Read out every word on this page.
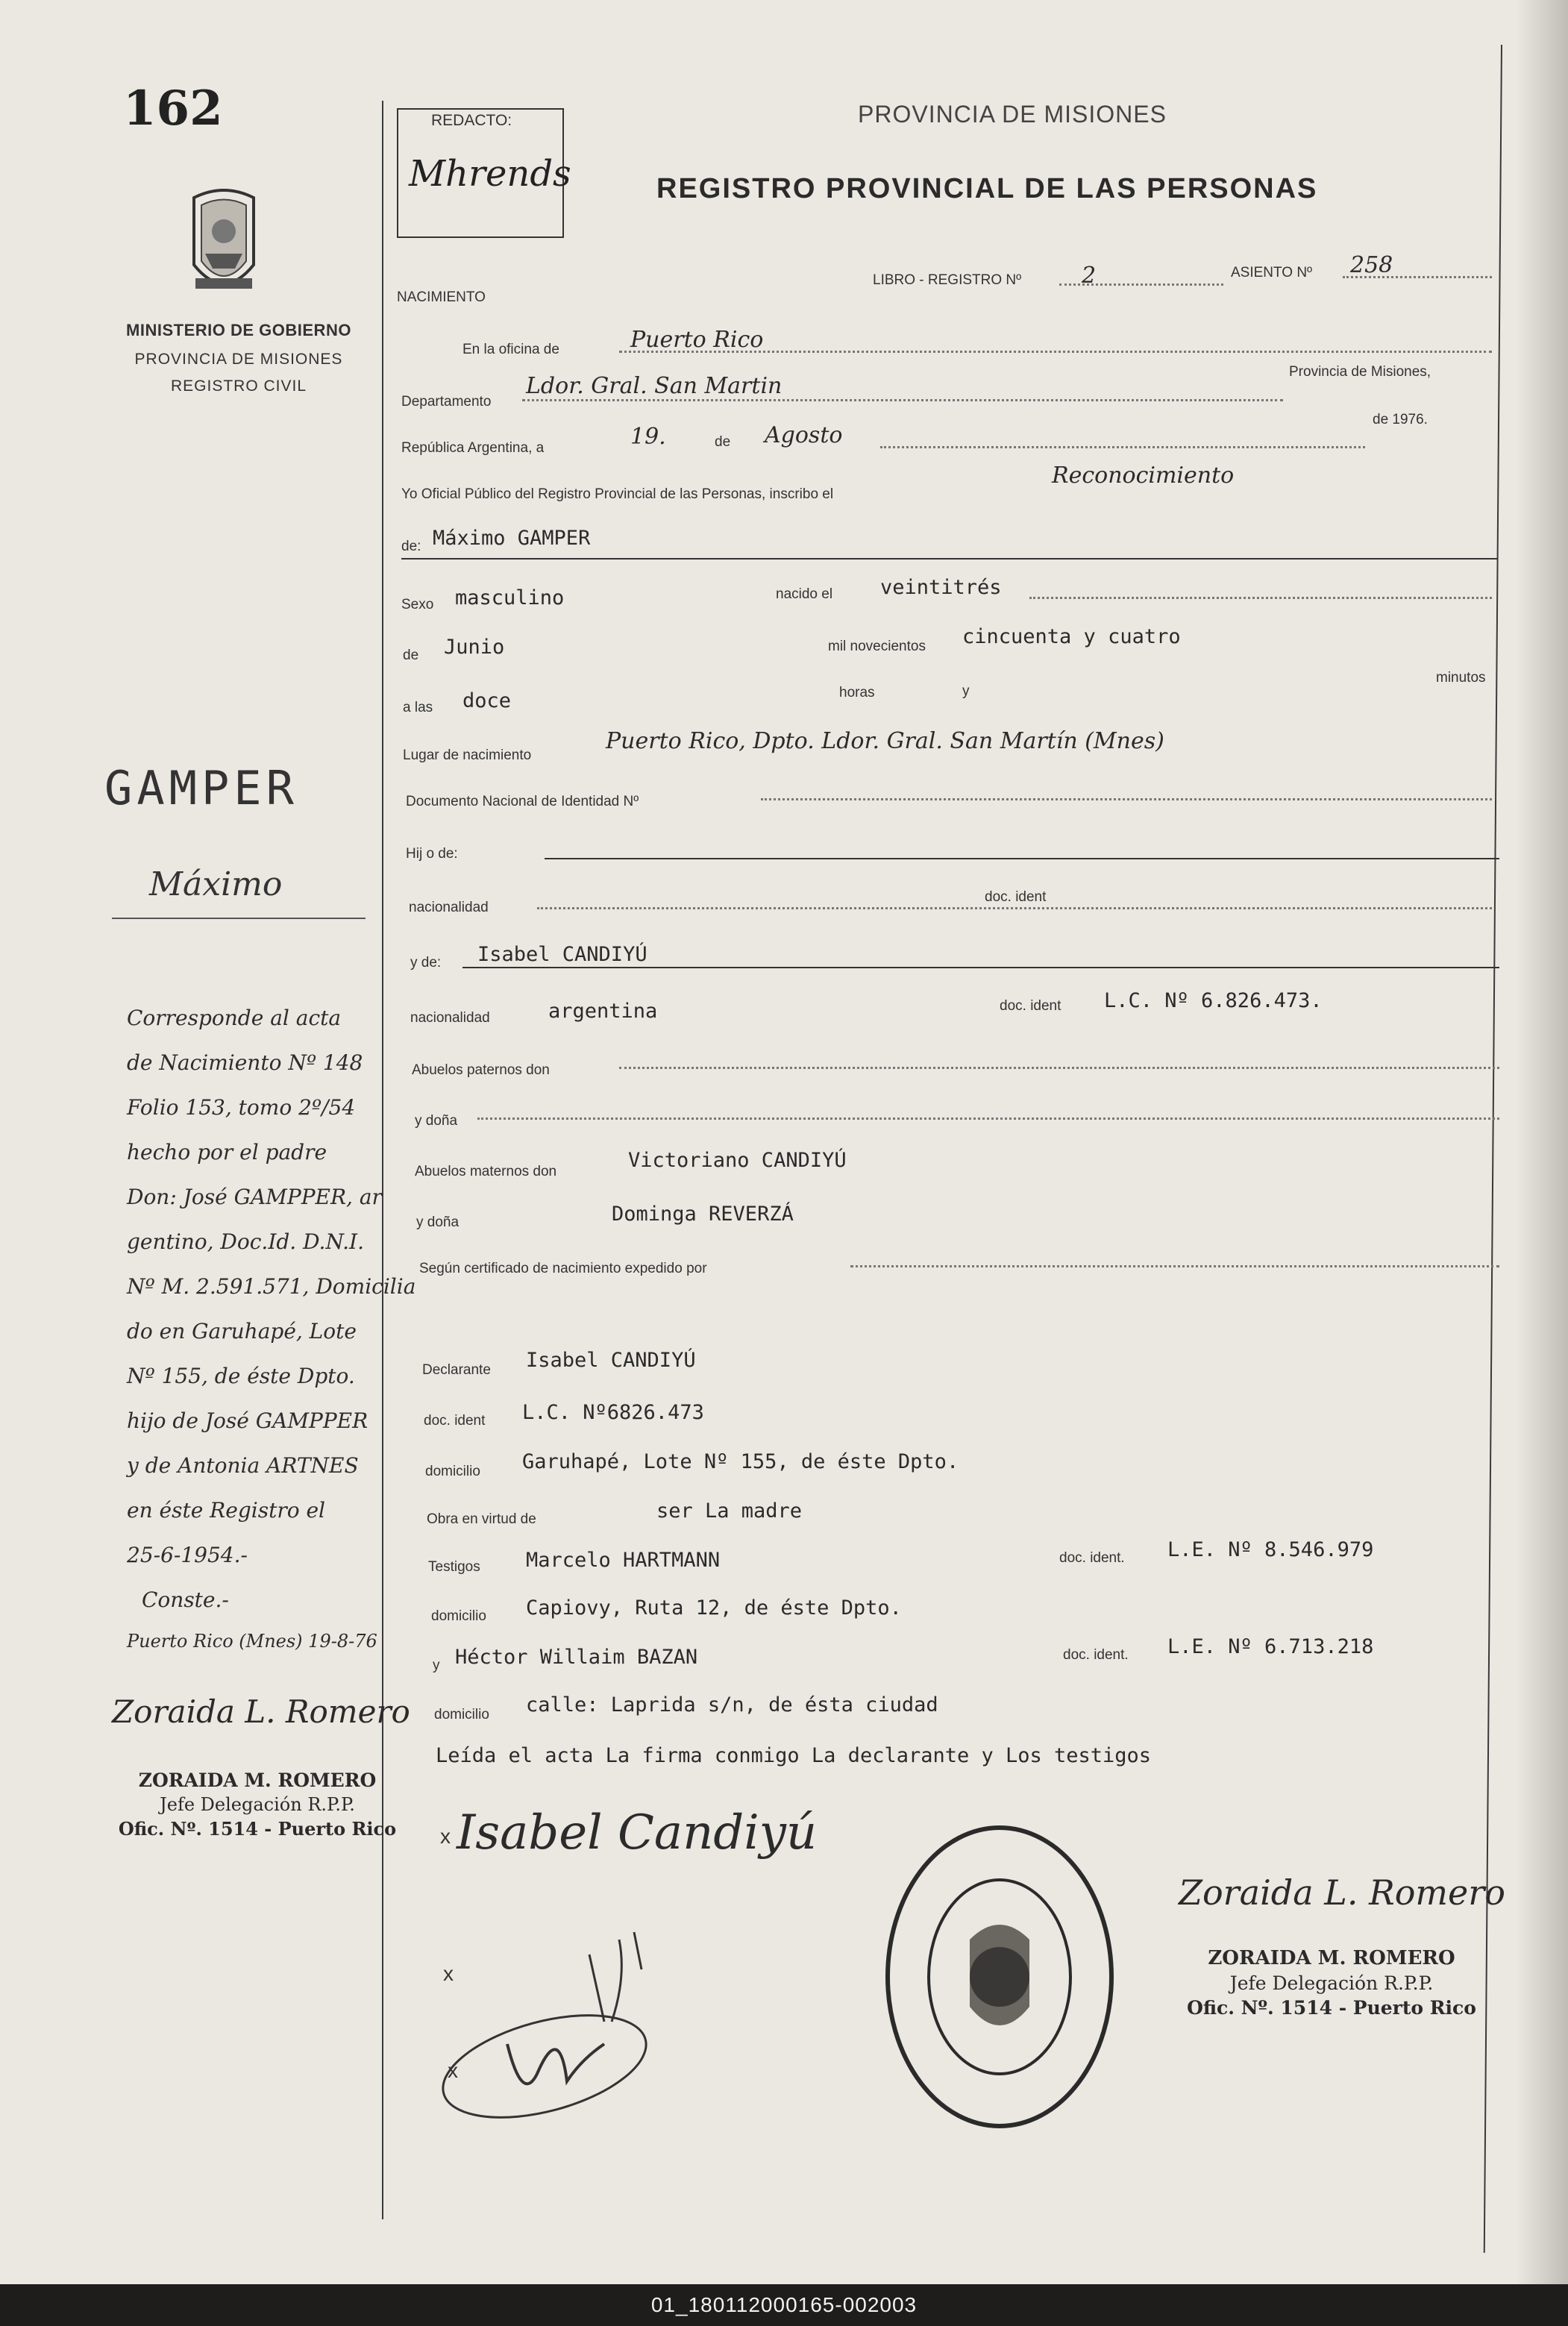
162
MINISTERIO DE GOBIERNO
PROVINCIA DE MISIONES
REGISTRO CIVIL
REDACTO:
Mhrends
PROVINCIA DE MISIONES
REGISTRO PROVINCIAL DE LAS PERSONAS
NACIMIENTO
LIBRO - REGISTRO Nº	2	ASIENTO Nº 258
En la oficina de	Puerto Rico
Departamento
Ldor. Gral. San Martin
Provincia de Misiones,
República Argentina, a	19.	de Agosto
de 1976.
Yo Oficial Público del Registro Provincial de las Personas, inscribo el
Reconocimiento
de: Máximo GAMPER
Sexo masculino	nacido el veintitrés
de Junio	mil novecientos cincuenta y cuatro
a las doce	horas	y
minutos
Lugar de nacimiento
Puerto Rico, Dpto. Ldor. Gral. San Martín (Mnes)
Documento Nacional de Identidad Nº
Hij o de:
nacionalidad
doc. ident
y de: Isabel CANDIYÚ
nacionalidad	argentina	doc. ident L.C. Nº 6.826.473.
Abuelos paternos don
y doña
Abuelos maternos don	Victoriano CANDIYÚ
y doña	Dominga REVERZÁ
Según certificado de nacimiento expedido por
Declarante Isabel CANDIYÚ
doc. ident L.C. Nº6826.473
domicilio Garuhapé, Lote Nº 155, de éste Dpto.
Obra en virtud de	ser La madre
Testigos Marcelo HARTMANN	doc. ident. L.E. Nº 8.546.979
domicilio Capiovy, Ruta 12, de éste Dpto.
y Héctor Willaim BAZAN	doc. ident. L.E. Nº 6.713.218
domicilio calle: Laprida s/n, de ésta ciudad
Leída el acta La firma conmigo La declarante y Los testigos
x Isabel Candiyú
x
x
Zoraida L. Romero
ZORAIDA M. ROMERO
Jefe Delegación R.P.P.
Ofic. Nº. 1514 - Puerto Rico
GAMPER
Máximo
Corresponde al acta
de Nacimiento Nº 148
Folio 153, tomo 2º/54
hecho por el padre
Don: José GAMPPER, ar
gentino, Doc.Id. D.N.I.
Nº M. 2.591.571, Domicilia
do en Garuhapé, Lote
Nº 155, de éste Dpto.
hijo de José GAMPPER
y de Antonia ARTNES
en éste Registro el
25-6-1954.-
Conste.-
Puerto Rico (Mnes) 19-8-76
Zoraida L. Romero
ZORAIDA M. ROMERO
Jefe Delegación R.P.P.
Ofic. Nº. 1514 - Puerto Rico
01_180112000165-002003
